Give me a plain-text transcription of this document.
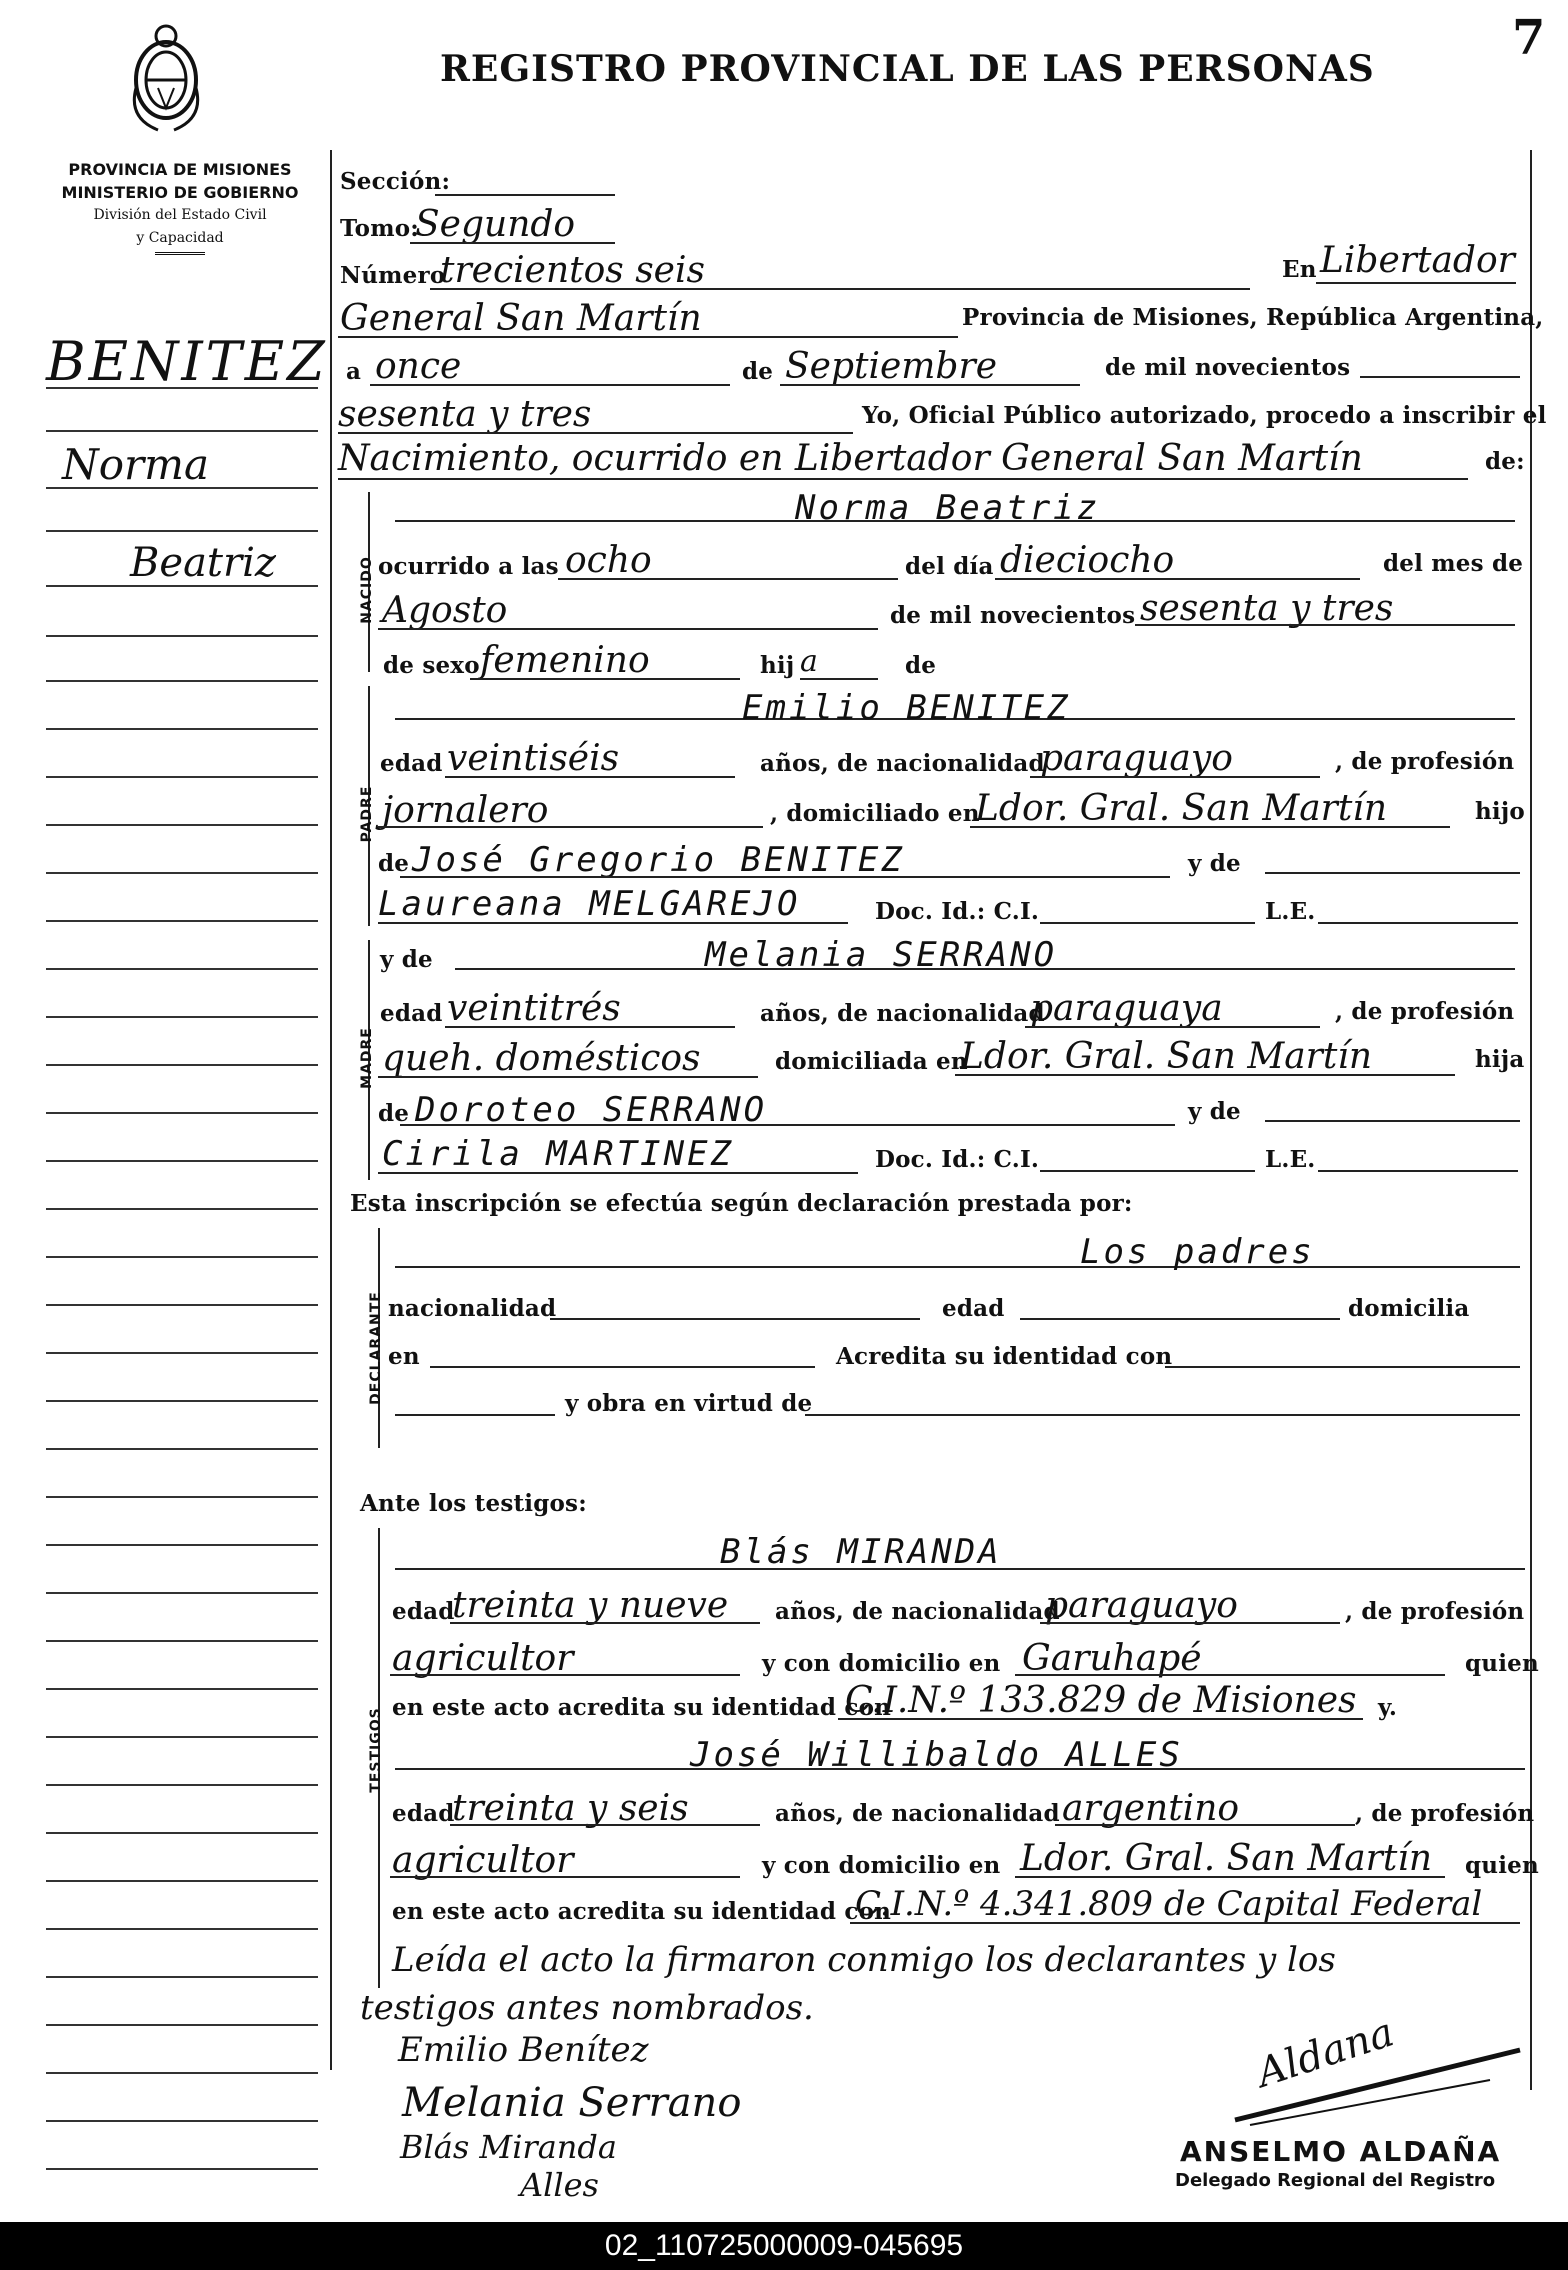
REGISTRO PROVINCIAL DE LAS PERSONAS
7
PROVINCIA DE MISIONES
MINISTERIO DE GOBIERNO
División del Estado Civil
y Capacidad
BENITEZ
Norma
Beatriz
Sección:
Tomo:
Segundo
Número
trecientos seis	En Libertador
General San Martín	Provincia de Misiones, República Argentina,
a once	de Septiembre	de mil novecientos
sesenta y tres	Yo, Oficial Público autorizado, procedo a inscribir el
Nacimiento, ocurrido en Libertador General San Martín	de:
NACIDO
Norma Beatriz
ocurrido a las ocho	del día dieciocho	del mes de
Agosto	de mil novecientos sesenta y tres
de sexo femenino	hij a	de
PADRE
Emilio BENITEZ
edad veintiséis	años, de nacionalidad
paraguayo	, de profesión
jornalero	, domiciliado en
Ldor. Gral. San Martín	hijo
de José Gregorio BENITEZ	y de
Laureana MELGAREJO	Doc. Id.: C.I.	L.E.
MADRE
y de	Melania SERRANO
edad veintitrés	años, de nacionalidad
paraguaya	, de profesión
queh. domésticos	domiciliada en
Ldor. Gral. San Martín	hija
de Doroteo SERRANO	y de
Cirila MARTINEZ	Doc. Id.: C.I.	L.E.
Esta inscripción se efectúa según declaración prestada por:
DECLARANTE
Los padres
nacionalidad	edad	domicilia
en	Acredita su identidad con
y obra en virtud de
Ante los testigos:
TESTIGOS
Blás MIRANDA
edad
treinta y nueve años, de nacionalidad
paraguayo	, de profesión
agricultor	y con domicilio en Garuhapé	quien
en este acto acredita su identidad con
C.I.N.º 133.829 de Misiones y.
José Willibaldo ALLES
edad
treinta y seis	años, de nacionalidad argentino	, de profesión
agricultor	y con domicilio en Ldor. Gral. San Martín quien
en este acto acredita su identidad con
C.I.N.º 4.341.809 de Capital Federal
Leída el acto la firmaron conmigo los declarantes y los
testigos antes nombrados.
Emilio Benítez
Melania Serrano
Blás Miranda
Alles
Aldana
ANSELMO ALDAÑA
Delegado Regional del Registro
02_110725000009-045695
